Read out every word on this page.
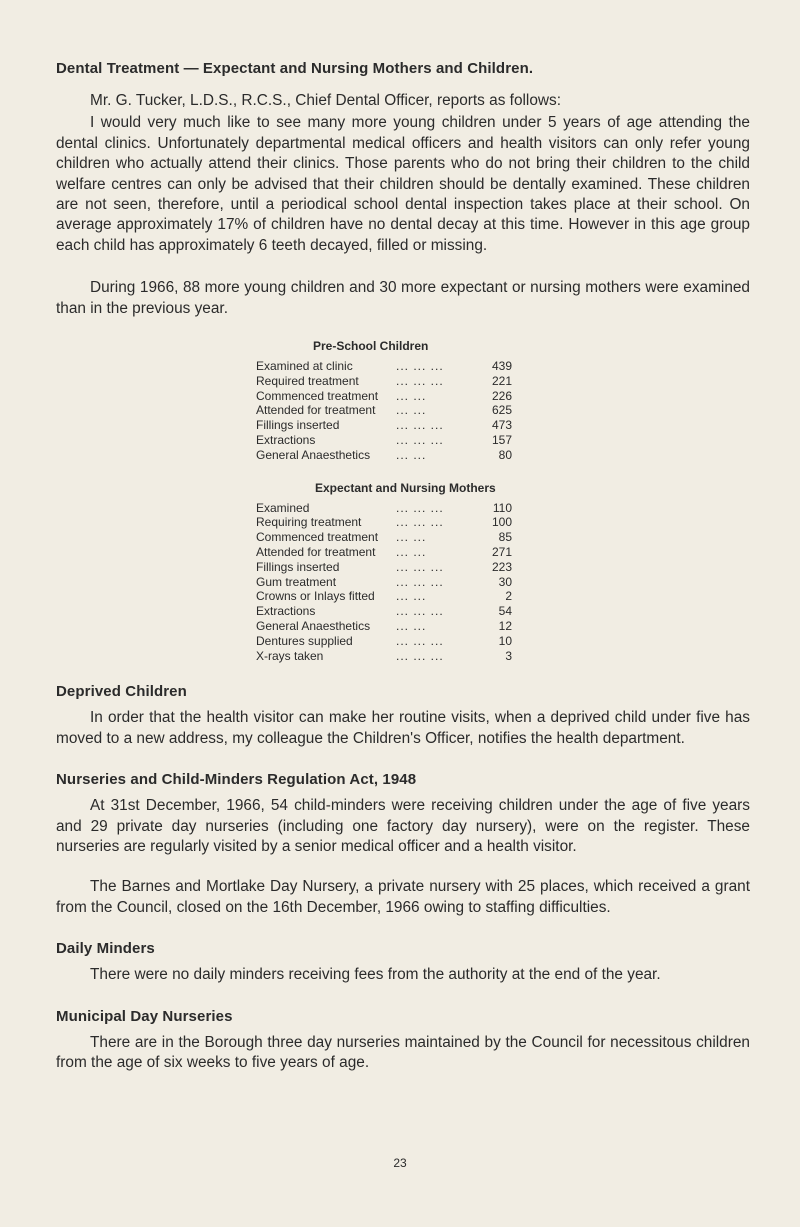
Dental Treatment — Expectant and Nursing Mothers and Children.

Mr. G. Tucker, L.D.S., R.C.S., Chief Dental Officer, reports as follows:

I would very much like to see many more young children under 5 years of age attending the dental clinics. Unfortunately departmental medical officers and health visitors can only refer young children who actually attend their clinics. Those parents who do not bring their children to the child welfare centres can only be advised that their children should be dentally examined. These children are not seen, therefore, until a periodical school dental inspection takes place at their school. On average approximately 17% of children have no dental decay at this time. However in this age group each child has approximately 6 teeth decayed, filled or missing.

During 1966, 88 more young children and 30 more expectant or nursing mothers were examined than in the previous year.

Pre-School Children
Examined at clinic	... ... ...	439
Required treatment	... ... ...	221
Commenced treatment	... ...	226
Attended for treatment	... ...	625
Fillings inserted	... ... ...	473
Extractions	... ... ...	157
General Anaesthetics	... ...	80
Expectant and Nursing Mothers
Examined	... ... ...	110
Requiring treatment	... ... ...	100
Commenced treatment	... ...	85
Attended for treatment	... ...	271
Fillings inserted	... ... ...	223
Gum treatment	... ... ...	30
Crowns or Inlays fitted	... ...	2
Extractions	... ... ...	54
General Anaesthetics	... ...	12
Dentures supplied	... ... ...	10
X-rays taken	... ... ...	3
Deprived Children

In order that the health visitor can make her routine visits, when a deprived child under five has moved to a new address, my colleague the Children's Officer, notifies the health department.

Nurseries and Child-Minders Regulation Act, 1948

At 31st December, 1966, 54 child-minders were receiving children under the age of five years and 29 private day nurseries (including one factory day nursery), were on the register. These nurseries are regularly visited by a senior medical officer and a health visitor.

The Barnes and Mortlake Day Nursery, a private nursery with 25 places, which received a grant from the Council, closed on the 16th December, 1966 owing to staffing difficulties.

Daily Minders

There were no daily minders receiving fees from the authority at the end of the year.

Municipal Day Nurseries

There are in the Borough three day nurseries maintained by the Council for necessitous children from the age of six weeks to five years of age.

23
